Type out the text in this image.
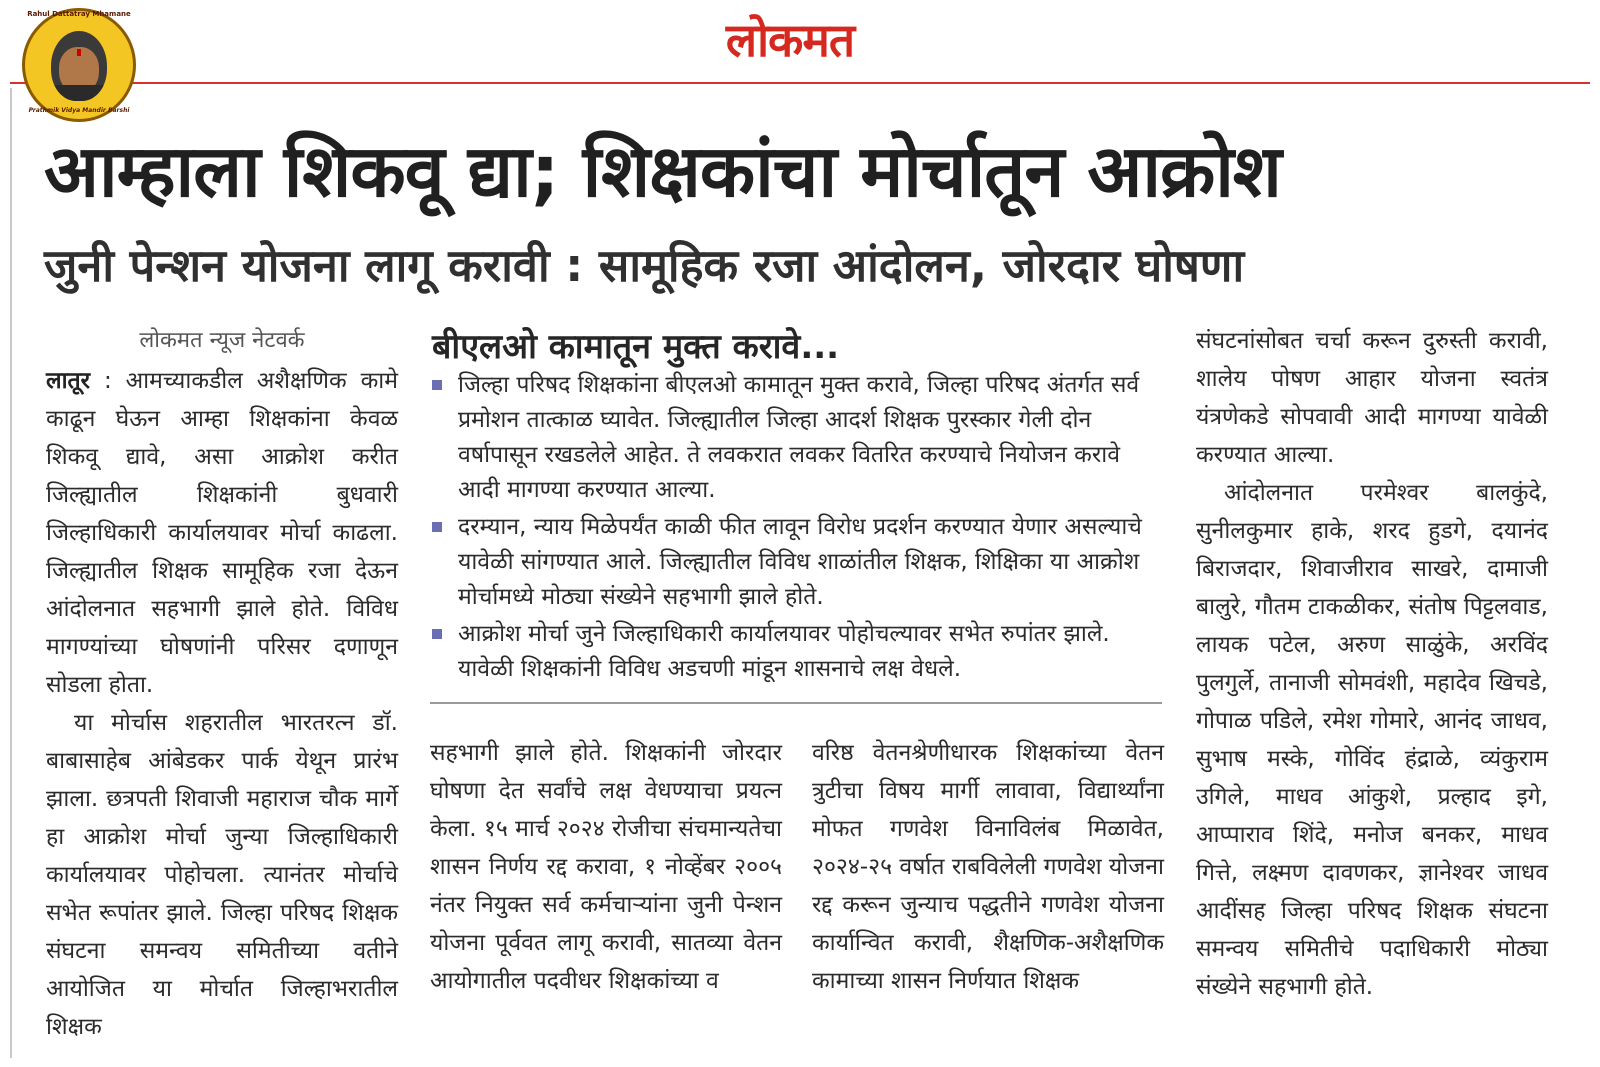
Rahul Dattatray Mhamane
Prathmik Vidya Mandir Barshi
लोकमत
आम्हाला शिकवू द्या; शिक्षकांचा मोर्चातून आक्रोश
जुनी पेन्शन योजना लागू करावी : सामूहिक रजा आंदोलन, जोरदार घोषणा
लोकमत न्यूज नेटवर्क

लातूर : आमच्याकडील अशैक्षणिक कामे काढून घेऊन आम्हा शिक्षकांना केवळ शिकवू द्यावे, असा आक्रोश करीत जिल्ह्यातील शिक्षकांनी बुधवारी जिल्हाधिकारी कार्यालयावर मोर्चा काढला. जिल्ह्यातील शिक्षक सामूहिक रजा देऊन आंदोलनात सहभागी झाले होते. विविध मागण्यांच्या घोषणांनी परिसर दणाणून सोडला होता.

या मोर्चास शहरातील भारतरत्न डॉ. बाबासाहेब आंबेडकर पार्क येथून प्रारंभ झाला. छत्रपती शिवाजी महाराज चौक मार्गे हा आक्रोश मोर्चा जुन्या जिल्हाधिकारी कार्यालयावर पोहोचला. त्यानंतर मोर्चाचे सभेत रूपांतर झाले. जिल्हा परिषद शिक्षक संघटना समन्वय समितीच्या वतीने आयोजित या मोर्चात जिल्हाभरातील शिक्षक

बीएलओ कामातून मुक्त करावे...
जिल्हा परिषद शिक्षकांना बीएलओ कामातून मुक्त करावे, जिल्हा परिषद अंतर्गत सर्व प्रमोशन तात्काळ घ्यावेत. जिल्ह्यातील जिल्हा आदर्श शिक्षक पुरस्कार गेली दोन वर्षापासून रखडलेले आहेत. ते लवकरात लवकर वितरित करण्याचे नियोजन करावे आदी मागण्या करण्यात आल्या.
दरम्यान, न्याय मिळेपर्यंत काळी फीत लावून विरोध प्रदर्शन करण्यात येणार असल्याचे यावेळी सांगण्यात आले. जिल्ह्यातील विविध शाळांतील शिक्षक, शिक्षिका या आक्रोश मोर्चामध्ये मोठ्या संख्येने सहभागी झाले होते.
आक्रोश मोर्चा जुने जिल्हाधिकारी कार्यालयावर पोहोचल्यावर सभेत रुपांतर झाले. यावेळी शिक्षकांनी विविध अडचणी मांडून शासनाचे लक्ष वेधले.

सहभागी झाले होते. शिक्षकांनी जोरदार घोषणा देत सर्वांचे लक्ष वेधण्याचा प्रयत्न केला. १५ मार्च २०२४ रोजीचा संचमान्यतेचा शासन निर्णय रद्द करावा, १ नोव्हेंबर २००५ नंतर नियुक्त सर्व कर्मचाऱ्यांना जुनी पेन्शन योजना पूर्ववत लागू करावी, सातव्या वेतन आयोगातील पदवीधर शिक्षकांच्या व

वरिष्ठ वेतनश्रेणीधारक शिक्षकांच्या वेतन त्रुटीचा विषय मार्गी लावावा, विद्यार्थ्यांना मोफत गणवेश विनाविलंब मिळावेत, २०२४-२५ वर्षात राबविलेली गणवेश योजना रद्द करून जुन्याच पद्धतीने गणवेश योजना कार्यान्वित करावी, शैक्षणिक-अशैक्षणिक कामाच्या शासन निर्णयात शिक्षक

संघटनांसोबत चर्चा करून दुरुस्ती करावी, शालेय पोषण आहार योजना स्वतंत्र यंत्रणेकडे सोपवावी आदी मागण्या यावेळी करण्यात आल्या.

आंदोलनात परमेश्वर बालकुंदे, सुनीलकुमार हाके, शरद हुडगे, दयानंद बिराजदार, शिवाजीराव साखरे, दामाजी बालुरे, गौतम टाकळीकर, संतोष पिट्टलवाड, लायक पटेल, अरुण साळुंके, अरविंद पुलगुर्ले, तानाजी सोमवंशी, महादेव खिचडे, गोपाळ पडिले, रमेश गोमारे, आनंद जाधव, सुभाष मस्के, गोविंद हंद्राळे, व्यंकुराम उगिले, माधव आंकुशे, प्रल्हाद इगे, आप्पाराव शिंदे, मनोज बनकर, माधव गित्ते, लक्ष्मण दावणकर, ज्ञानेश्वर जाधव आदींसह जिल्हा परिषद शिक्षक संघटना समन्वय समितीचे पदाधिकारी मोठ्या संख्येने सहभागी होते.
